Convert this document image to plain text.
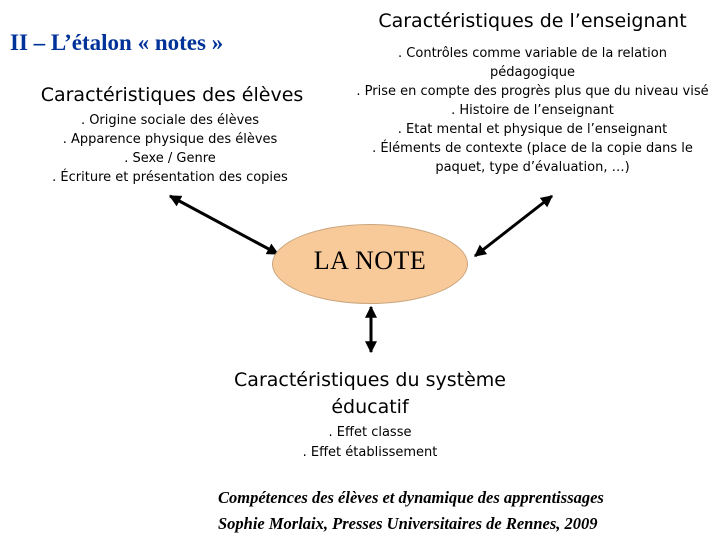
II – L’étalon « notes »
Caractéristiques de l’enseignant
. Contrôles comme variable de la relation pédagogique
. Prise en compte des progrès plus que du niveau visé
. Histoire de l’enseignant
. Etat mental et physique de l’enseignant
. Éléments de contexte (place de la copie dans le paquet, type d’évaluation, …)
Caractéristiques des élèves
. Origine sociale des élèves
. Apparence physique des élèves
. Sexe / Genre
. Écriture et présentation des copies
LA NOTE
Caractéristiques du système éducatif
. Effet classe
. Effet établissement
Compétences des élèves et dynamique des apprentissages
Sophie Morlaix, Presses Universitaires de Rennes, 2009
